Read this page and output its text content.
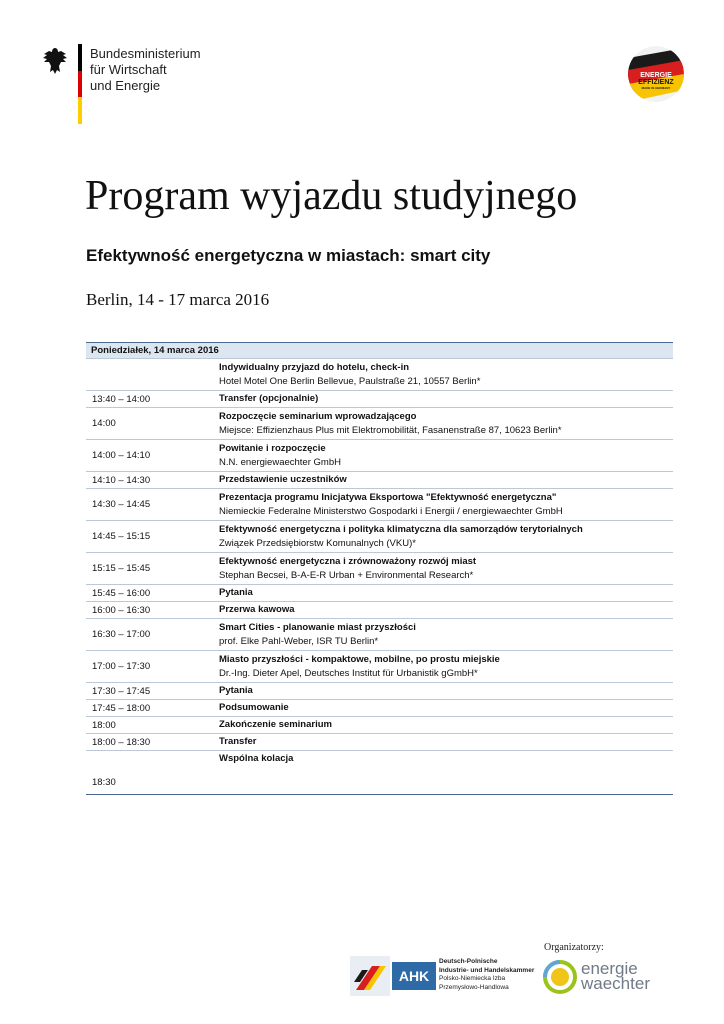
Bundesministerium
für Wirtschaft
und Energie
ENERGIE
EFFIZIENZ
MADE IN GERMANY
Program wyjazdu studyjnego
Efektywność energetyczna w miastach: smart city
Berlin, 14 - 17 marca 2016
Poniedziałek, 14 marca 2016	

	Indywidualny przyjazd do hotelu, check-in
Hotel Motel One Berlin Bellevue, Paulstraße 21, 10557 Berlin*

13:40 – 14:00	Transfer (opcjonalnie)

14:00	Rozpoczęcie seminarium wprowadzającego
Miejsce: Effizienzhaus Plus mit Elektromobilität, Fasanenstraße 87, 10623 Berlin*

14:00 – 14:10	Powitanie i rozpoczęcie
N.N. energiewaechter GmbH

14:10 – 14:30	Przedstawienie uczestników

14:30 – 14:45	Prezentacja programu Inicjatywa Eksportowa "Efektywność energetyczna"
Niemieckie Federalne Ministerstwo Gospodarki i Energii / energiewaechter GmbH

14:45 – 15:15	Efektywność energetyczna i polityka klimatyczna dla samorządów terytorialnych
Związek Przedsiębiorstw Komunalnych (VKU)*

15:15 – 15:45	Efektywność energetyczna i zrównoważony rozwój miast
Stephan Becsei, B-A-E-R Urban + Environmental Research*

15:45 – 16:00	Pytania

16:00 – 16:30	Przerwa kawowa

16:30 – 17:00	Smart Cities - planowanie miast przyszłości
prof. Elke Pahl-Weber, ISR TU Berlin*

17:00 – 17:30	Miasto przyszłości - kompaktowe, mobilne, po prostu miejskie
Dr.-Ing. Dieter Apel, Deutsches Institut für Urbanistik gGmbH*

17:30 – 17:45	Pytania

17:45 – 18:00	Podsumowanie

18:00	Zakończenie seminarium

18:00 – 18:30	Transfer

18:30	Wspólna kolacja
Organizatorzy:
AHK
Deutsch-Polnische
Industrie- und Handelskammer
Polsko-Niemiecka Izba
Przemysłowo-Handlowa
energie
waechter
